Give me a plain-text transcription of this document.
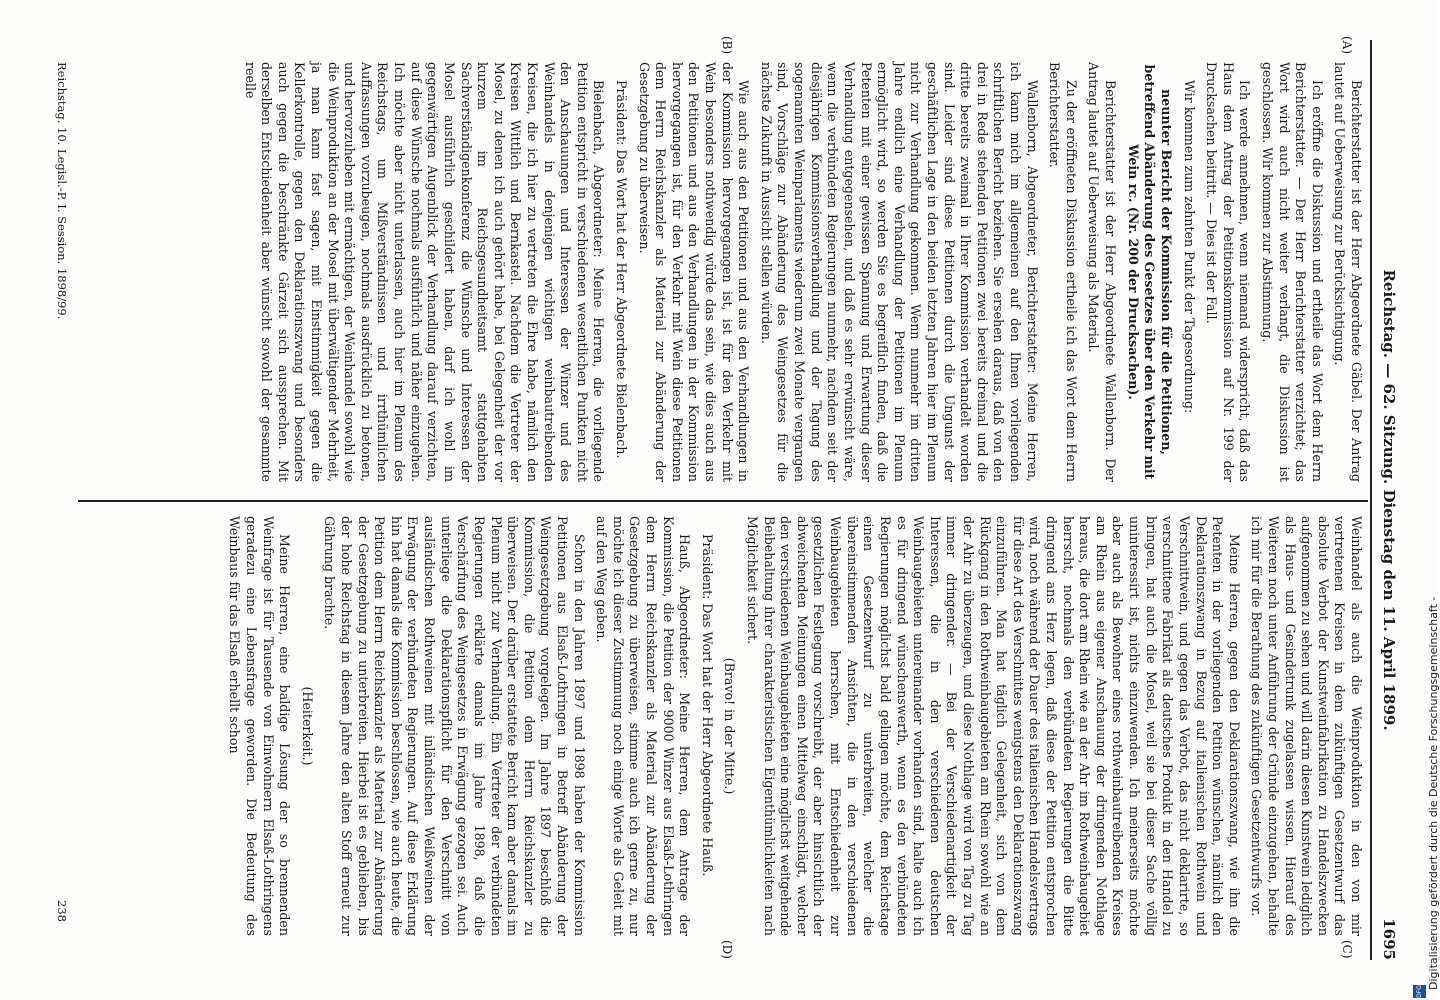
Reichstag. — 62. Sitzung. Dienstag den 11. April 1899.
1695
(A)
(B)
(C)
(D)

Berichterstatter ist der Herr Abgeordnete Gäbel. Der Antrag lautet auf Ueberweisung zur Berücksichtigung.

Ich eröffne die Diskussion und ertheile das Wort dem Herrn Berichterstatter. — Der Herr Berichterstatter verzichtet; das Wort wird auch nicht weiter verlangt, die Diskussion ist geschlossen. Wir kommen zur Abstimmung.

Ich werde annehmen, wenn niemand widerspricht, daß das Haus dem Antrag der Petitionskommission auf Nr. 199 der Drucksachen beitritt. — Dies ist der Fall.

Wir kommen zum zehnten Punkt der Tagesordnung:

neunter Bericht der Kommission für die Petitionen, betreffend Abänderung des Gesetzes über den Verkehr mit Wein rc. (Nr. 200 der Drucksachen).

Berichterstatter ist der Herr Abgeordnete Wallenborn. Der Antrag lautet auf Ueberweisung als Material.

Zu der eröffneten Diskussion ertheile ich das Wort dem Herrn Berichterstatter.

Wallenborn, Abgeordneter, Berichterstatter: Meine Herren, ich kann mich im allgemeinen auf den Ihnen vorliegenden schriftlichen Bericht beziehen. Sie ersehen daraus, daß von den drei in Rede stehenden Petitionen zwei bereits dreimal und die dritte bereits zweimal in Ihrer Kommission verhandelt worden sind. Leider sind diese Petitionen durch die Ungunst der geschäftlichen Lage in den beiden letzten Jahren hier im Plenum nicht zur Verhandlung gekommen. Wenn nunmehr im dritten Jahre endlich eine Verhandlung der Petitionen im Plenum ermöglicht wird, so werden Sie es begreiflich finden, daß die Petenten mit einer gewissen Spannung und Erwartung dieser Verhandlung entgegensehen, und daß es sehr erwünscht wäre, wenn die verbündeten Regierungen nunmehr, nachdem seit der diesjährigen Kommissionsverhandlung und der Tagung des sogenannten Weinparlaments wiederum zwei Monate vergangen sind, Vorschläge zur Abänderung des Weingesetzes für die nächste Zukunft in Aussicht stellen würden.

Wie auch aus den Petitionen und aus den Verhandlungen in der Kommission hervorgegangen ist, ist für den Verkehr mit Wein besonders nothwendig würde das sein, wie dies auch aus den Petitionen und aus den Verhandlungen in der Kommission hervorgegangen ist, für den Verkehr mit Wein diese Petitionen dem Herrn Reichskanzler als Material zur Abänderung der Gesetzgebung zu überweisen.

Präsident: Das Wort hat der Herr Abgeordnete Bielenbach.

Bielenbach, Abgeordneter: Meine Herren, die vorliegende Petition entspricht in verschiedenen wesentlichen Punkten nicht den Anschauungen und Interessen der Winzer und des Weinhandels in denjenigen wichtigen weinbautreibenden Kreisen, die ich hier zu vertreten die Ehre habe, nämlich den Kreisen Wittlich und Bernkastel. Nachdem die Vertreter der Mosel, zu denen ich auch gehört habe, bei Gelegenheit der vor kurzem im Reichsgesundheitsamt stattgehabten Sachverständigenkonferenz die Wünsche und Interessen der Mosel ausführlich geschildert haben, darf ich wohl im gegenwärtigen Augenblick der Verhandlung darauf verzichten, auf diese Wünsche nochmals ausführlich und näher einzugehen. Ich möchte aber nicht unterlassen, auch hier im Plenum des Reichstags, um Mißverständnissen und irrthümlichen Auffassungen vorzubeugen, nochmals ausdrücklich zu betonen, und hervorzuheben mit ermächtigen, der Weinhandel sowohl wie die Weinproduktion an der Mosel mit überwältigender Mehrheit, ja man kann fast sagen, mit Einstimmigkeit gegen die Kellerkontrolle, gegen den Deklarationszwang und besonders auch gegen die beschränkte Gärzeit sich aussprechen. Mit derselben Entschiedenheit aber wünscht sowohl der gesammte reelle

Weinhandel als auch die Weinproduktion in den von mir vertretenen Kreisen in dem zukünftigen Gesetzentwurf das absolute Verbot der Kunstweinfabrikation zu Handelszwecken aufgenommen zu sehen und will darin diesen Kunstwein lediglich als Haus- und Gesindetrunk zugelassen wissen. Hierauf des Weiteren noch unter Anführung der Gründe einzugehen, behalte ich mir für die Berathung des zukünftigen Gesetzentwurfs vor.

Meine Herren, gegen den Deklarationszwang, wie ihn die Petenten in der vorliegenden Petition wünschen, nämlich den Deklarationszwang in Bezug auf italienischen Rothwein und Verschnittwein, und gegen das Verbot, das nicht deklarirte, so verschnittene Fabrikat als deutsches Produkt in den Handel zu bringen, hat auch die Mosel, weil sie bei dieser Sache völlig uninteressirt ist, nichts einzuwenden. Ich meinerseits möchte aber auch als Bewohner eines rothweinbautreibenden Kreises am Rhein aus eigener Anschauung der dringenden Nothlage heraus, die dort am Rhein wie an der Ahr im Rothweinbaugebiet herrscht, nochmals den verbündeten Regierungen die Bitte dringend ans Herz legen, daß diese der Petition entsprochen wird, noch während der Dauer des italienischen Handelsvertrags für diese Art des Verschnittes wenigstens den Deklarationszwang einzuführen. Man hat täglich Gelegenheit, sich von dem Rückgang in den Rothweinbaugebieten am Rhein sowohl wie an der Ahr zu überzeugen, und diese Nothlage wird von Tag zu Tag immer dringender. — Bei der Verschiedenartigkeit der Interessen, die in den verschiedenen deutschen Weinbaugebieten untereinander vorhanden sind, halte auch ich es für dringend wünschenswerth, wenn es den verbündeten Regierungen möglichst bald gelingen möchte, dem Reichstage einen Gesetzentwurf zu unterbreiten, welcher die übereinstimmenden Ansichten, die in den verschiedenen Weinbaugebieten herrschen, mit Entschiedenheit zur gesetzlichen Festlegung vorschreibt, der aber hinsichtlich der abweichenden Meinungen einen Mittelweg einschlägt, welcher den verschiedenen Weinbaugebieten eine möglichst weitgehende Beibehaltung ihrer charakteristischen Eigenthümlichkeiten nach Möglichkeit sichert.

(Bravo! in der Mitte.)

Präsident: Das Wort hat der Herr Abgeordnete Hauß.

Hauß, Abgeordneter: Meine Herren, dem Antrage der Kommission, die Petition der 9000 Winzer aus Elsaß-Lothringen dem Herrn Reichskanzler als Material zur Abänderung der Gesetzgebung zu überweisen, stimme auch ich gerne zu, nur möchte ich dieser Zustimmung noch einige Worte als Geleit mit auf den Weg geben.

Schon in den Jahren 1897 und 1898 haben der Kommission Petitionen aus Elsaß-Lothringen in Betreff Abänderung der Weingesetzgebung vorgelegen. Im Jahre 1897 beschloß die Kommission, die Petition dem Herrn Reichskanzler zu überweisen. Der darüber erstattete Bericht kam aber damals im Plenum nicht zur Verhandlung. Ein Vertreter der verbündeten Regierungen erklärte damals im Jahre 1898, daß die Verschärfung des Weingesetzes in Erwägung gezogen sei. Auch unterliege die Deklarationspflicht für den Verschnitt von ausländischen Rothweinen mit inländischen Weißweinen der Erwägung der verbündeten Regierungen. Auf diese Erklärung hin hat damals die Kommission beschlossen, wie auch heute, die Petition dem Herrn Reichskanzler als Material zur Abänderung der Gesetzgebung zu unterbreiten. Hierbei ist es geblieben, bis der hohe Reichstag in diesem Jahre den alten Stoff erneut zur Gährung brachte.

(Heiterkeit.)

Meine Herren, eine baldige Lösung der so brennenden Weinfrage ist für Tausende von Einwohnern Elsaß-Lothringens geradezu eine Lebensfrage geworden. Die Bedeutung des Weinbaus für das Elsaß erhellt schon

Reichstag. 10. Legisl.-P. I. Session. 1898/99.
238	Digitalisierung gefördert durch die Deutsche Forschungsgemeinschaft -
DFG
